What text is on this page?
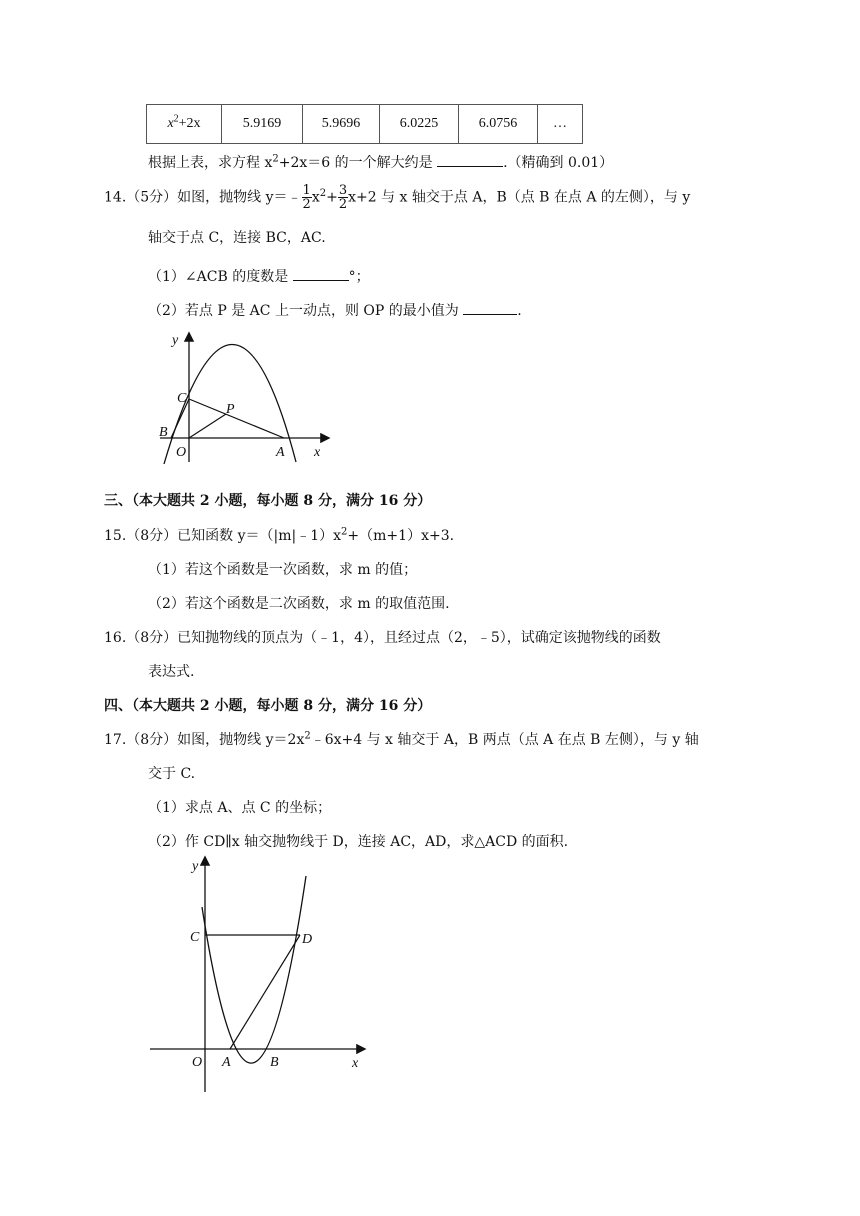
$x^2+2x$	5.9169	5.9696	6.0225	6.0756	…
根据上表，求方程 $x^2+2x=6$ 的一个解大约是	.（精确到 0.01）
14.（5分）如图，抛物线 y＝﹣ $\frac{1}{2} x^2+ \frac{3}{2} x+2$ 与 x 轴交于点 A，B（点 B 在点 A 的左侧），与 y
轴交于点 C，连接 BC，AC.
（1）∠ACB 的度数是	°；
（2）若点 P 是 AC 上一动点，则 OP 的最小值为	.
y
x
C
P
B
O	A
三、（本大题共 2 小题，每小题 8 分，满分 16 分）
15.（8分）已知函数 $y=(|m|﹣1)x^2+(m+1)x+3$.
（1）若这个函数是一次函数，求 m 的值；
（2）若这个函数是二次函数，求 m 的取值范围.
16.（8分）已知抛物线的顶点为（﹣1，4），且经过点（2，﹣5），试确定该抛物线的函数
表达式.
四、（本大题共 2 小题，每小题 8 分，满分 16 分）
17.（8分）如图，抛物线 $y=2x^2﹣6x+4$ 与 x 轴交于 A，B 两点（点 A 在点 B 左侧），与 y 轴
交于 C.
（1）求点 A、点 C 的坐标；
（2）作 CD∥x 轴交抛物线于 D，连接 AC，AD，求△ACD 的面积.
y
x
C	D
O A	B
